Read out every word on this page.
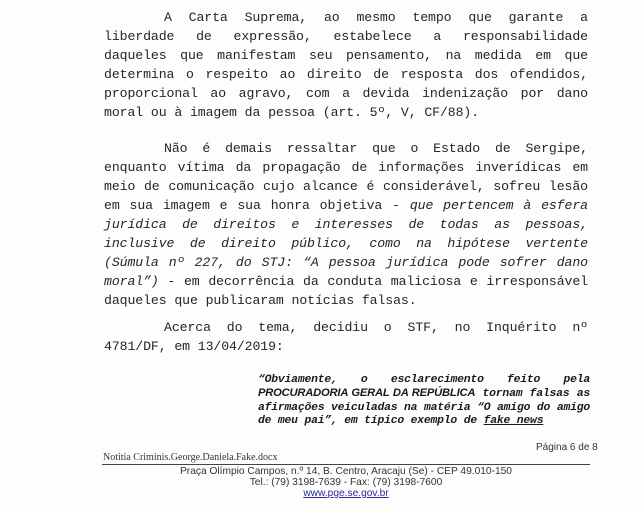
A Carta Suprema, ao mesmo tempo que garante a liberdade de expressão, estabelece a responsabilidade daqueles que manifestam seu pensamento, na medida em que determina o respeito ao direito de resposta dos ofendidos, proporcional ao agravo, com a devida indenização por dano moral ou à imagem da pessoa (art. 5º, V, CF/88).

Não é demais ressaltar que o Estado de Sergipe, enquanto vítima da propagação de informações inverídicas em meio de comunicação cujo alcance é considerável, sofreu lesão em sua imagem e sua honra objetiva - que pertencem à esfera jurídica de direitos e interesses de todas as pessoas, inclusive de direito público, como na hipótese vertente (Súmula nº 227, do STJ: “A pessoa jurídica pode sofrer dano moral”) - em decorrência da conduta maliciosa e irresponsável daqueles que publicaram notícias falsas.

Acerca do tema, decidiu o STF, no Inquérito nº 4781/DF, em 13/04/2019:

“Obviamente, o esclarecimento feito pela PROCURADORIA GERAL DA REPÚBLICA tornam falsas as afirmações veiculadas na matéria “O amigo do amigo de meu pai”, em típico exemplo de fake news

Página 6 de 8
Notitia Criminis.George.Daniela.Fake.docx
Praça Olímpio Campos, n.º 14, B. Centro, Aracaju (Se) - CEP 49.010-150
Tel.: (79) 3198-7639 - Fax: (79) 3198-7600
www.pge.se.gov.br
